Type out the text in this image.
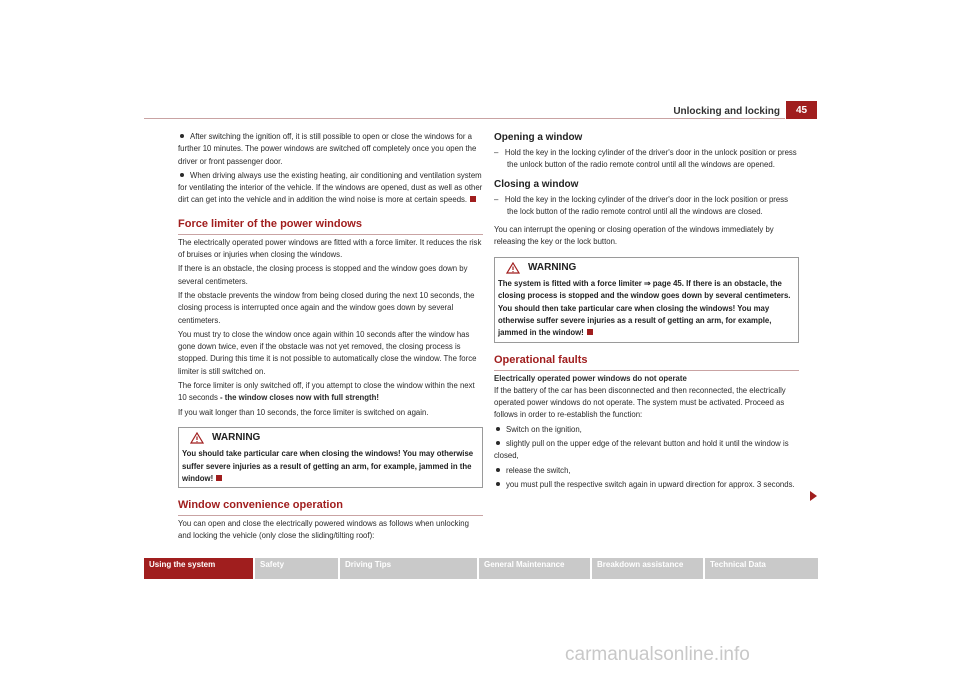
Unlocking and locking	45
After switching the ignition off, it is still possible to open or close the windows for a further 10 minutes. The power windows are switched off completely once you open the driver or front passenger door.
When driving always use the existing heating, air conditioning and ventilation system for ventilating the interior of the vehicle. If the windows are opened, dust as well as other dirt can get into the vehicle and in addition the wind noise is more at certain speeds.
Force limiter of the power windows

The electrically operated power windows are fitted with a force limiter. It reduces the risk of bruises or injuries when closing the windows.

If there is an obstacle, the closing process is stopped and the window goes down by several centimeters.

If the obstacle prevents the window from being closed during the next 10 seconds, the closing process is interrupted once again and the window goes down by several centimeters.

You must try to close the window once again within 10 seconds after the window has gone down twice, even if the obstacle was not yet removed, the closing process is stopped. During this time it is not possible to automatically close the window. The force limiter is still switched on.

The force limiter is only switched off, if you attempt to close the window within the next 10 seconds - the window closes now with full strength!

If you wait longer than 10 seconds, the force limiter is switched on again.

WARNING
You should take particular care when closing the windows! You may otherwise suffer severe injuries as a result of getting an arm, for example, jammed in the window!
Window convenience operation

You can open and close the electrically powered windows as follows when unlocking and locking the vehicle (only close the sliding/tilting roof):

Opening a window

–   Hold the key in the locking cylinder of the driver's door in the unlock position or press the unlock button of the radio remote control until all the windows are opened.

Closing a window

–   Hold the key in the locking cylinder of the driver's door in the lock position or press the lock button of the radio remote control until all the windows are closed.

You can interrupt the opening or closing operation of the windows immediately by releasing the key or the lock button.

WARNING
The system is fitted with a force limiter ⇒ page 45. If there is an obstacle, the closing process is stopped and the window goes down by several centimeters. You should then take particular care when closing the windows! You may otherwise suffer severe injuries as a result of getting an arm, for example, jammed in the window!
Operational faults

Electrically operated power windows do not operate

If the battery of the car has been disconnected and then reconnected, the electrically operated power windows do not operate. The system must be activated. Proceed as follows in order to re-establish the function:

Switch on the ignition,
slightly pull on the upper edge of the relevant button and hold it until the window is closed,
release the switch,
you must pull the respective switch again in upward direction for approx. 3 seconds.
Using the system	Safety	Driving Tips	General Maintenance	Breakdown assistance	Technical Data
carmanualsonline.info
